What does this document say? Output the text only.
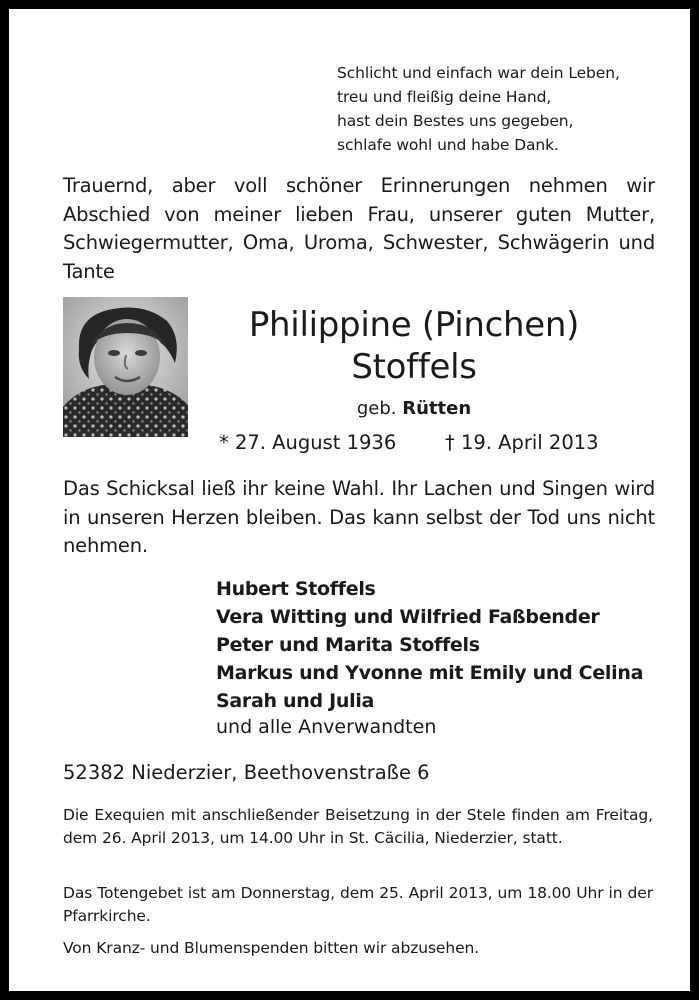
Schlicht und einfach war dein Leben,
treu und fleißig deine Hand,
hast dein Bestes uns gegeben,
schlafe wohl und habe Dank.
Trauernd, aber voll schöner Erinnerungen nehmen wir Abschied von meiner lieben Frau, unserer guten Mutter, Schwiegermutter, Oma, Uroma, Schwester, Schwägerin und Tante
Philippine (Pinchen)
Stoffels
geb. Rütten
* 27. August 1936	† 19. April 2013
Das Schicksal ließ ihr keine Wahl. Ihr Lachen und Singen wird in unseren Herzen bleiben. Das kann selbst der Tod uns nicht nehmen.
Hubert Stoffels
Vera Witting und Wilfried Faßbender
Peter und Marita Stoffels
Markus und Yvonne mit Emily und Celina
Sarah und Julia
und alle Anverwandten
52382 Niederzier, Beethovenstraße 6
Die Exequien mit anschließender Beisetzung in der Stele finden am Freitag, dem 26. April 2013, um 14.00 Uhr in St. Cäcilia, Niederzier, statt.
Das Totengebet ist am Donnerstag, dem 25. April 2013, um 18.00 Uhr in der Pfarrkirche.
Von Kranz- und Blumenspenden bitten wir abzusehen.
